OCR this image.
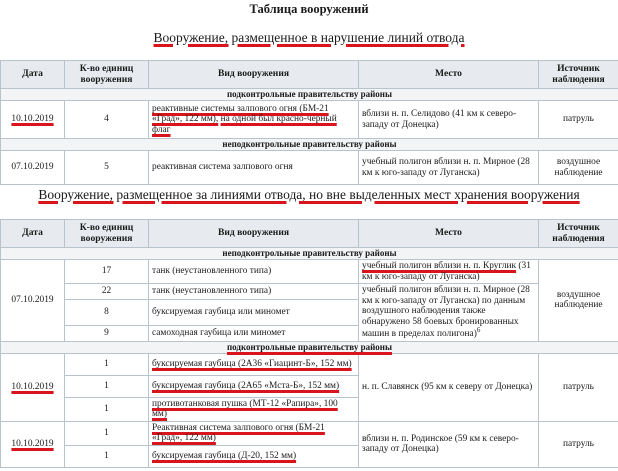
Таблица вооружений
Вооружение, размещенное в нарушение линий отвода
Дата	К-во единиц вооружения	Вид вооружения	Место	Источник наблюдения
подконтрольные правительству районы				
10.10.2019	4	реактивные системы залпового огня (БМ-21 «Град», 122 мм), на одной был красно-черный флаг	вблизи н. п. Селидово (41 км к северо-западу от Донецка)	патруль
неподконтрольные правительству районы				
07.10.2019	5	реактивная система залпового огня	учебный полигон вблизи н. п. Мирное (28 км к юго-западу от Луганска)	воздушное наблюдение
Вооружение, размещенное за линиями отвода, но вне выделенных мест хранения вооружения
Дата	К-во единиц вооружения	Вид вооружения	Место	Источник наблюдения
неподконтрольные правительству районы				
07.10.2019	17	танк (неустановленного типа)	учебный полигон вблизи н. п. Круглик (31 км к юго-западу от Луганска)	воздушное наблюдение
	22	танк (неустановленного типа)	учебный полигон вблизи н. п. Мирное (28 км к юго-западу от Луганска) по данным воздушного наблюдения также обнаружено 58 боевых бронированных машин в пределах полигона)$^6$
	8	буксируемая гаубица или миномет		
	9	самоходная гаубица или миномет		
подконтрольные правительству районы				
10.10.2019	1	буксируемая гаубица (2А36 «Гиацинт-Б», 152 мм)	н. п. Славянск (95 км к северу от Донецка)	патруль
	1	буксируемая гаубица (2А65 «Мста-Б», 152 мм)		
	1	противотанковая пушка (МТ-12 «Рапира», 100 мм)		
10.10.2019	1	Реактивная система залпового огня (БМ-21 «Град», 122 мм)	вблизи н. п. Родинское (59 км к северо-западу от Донецка)	патруль
	1	буксируемая гаубица (Д-20, 152 мм)		
